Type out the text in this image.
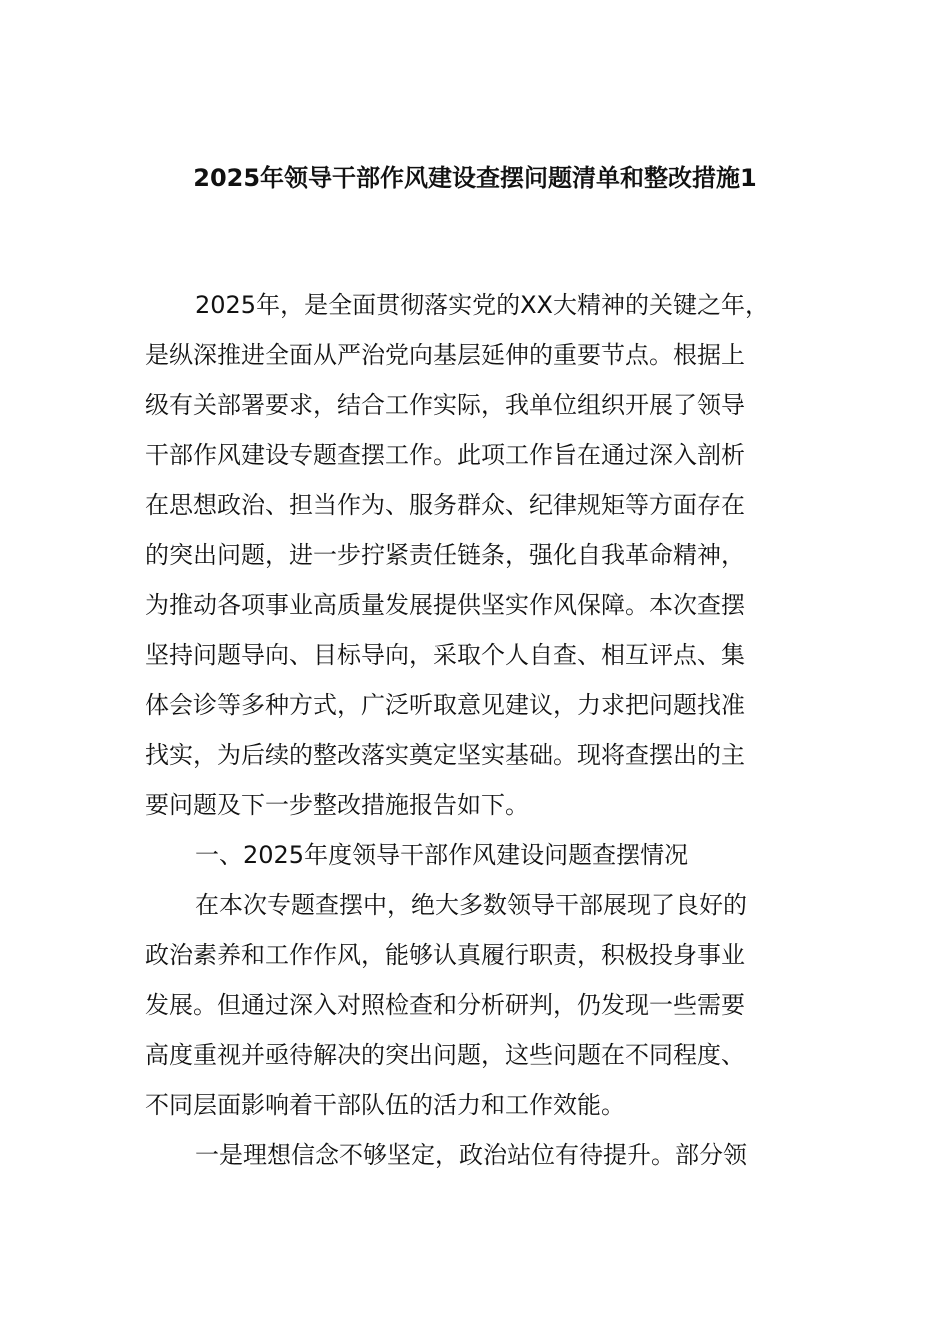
2025年领导干部作风建设查摆问题清单和整改措施1
2025年，是全面贯彻落实党的XX大精神的关键之年，
是纵深推进全面从严治党向基层延伸的重要节点。根据上
级有关部署要求，结合工作实际，我单位组织开展了领导
干部作风建设专题查摆工作。此项工作旨在通过深入剖析
在思想政治、担当作为、服务群众、纪律规矩等方面存在
的突出问题，进一步拧紧责任链条，强化自我革命精神，
为推动各项事业高质量发展提供坚实作风保障。本次查摆
坚持问题导向、目标导向，采取个人自查、相互评点、集
体会诊等多种方式，广泛听取意见建议，力求把问题找准
找实，为后续的整改落实奠定坚实基础。现将查摆出的主
要问题及下一步整改措施报告如下。
一、2025年度领导干部作风建设问题查摆情况
在本次专题查摆中，绝大多数领导干部展现了良好的
政治素养和工作作风，能够认真履行职责，积极投身事业
发展。但通过深入对照检查和分析研判，仍发现一些需要
高度重视并亟待解决的突出问题，这些问题在不同程度、
不同层面影响着干部队伍的活力和工作效能。
一是理想信念不够坚定，政治站位有待提升。部分领
